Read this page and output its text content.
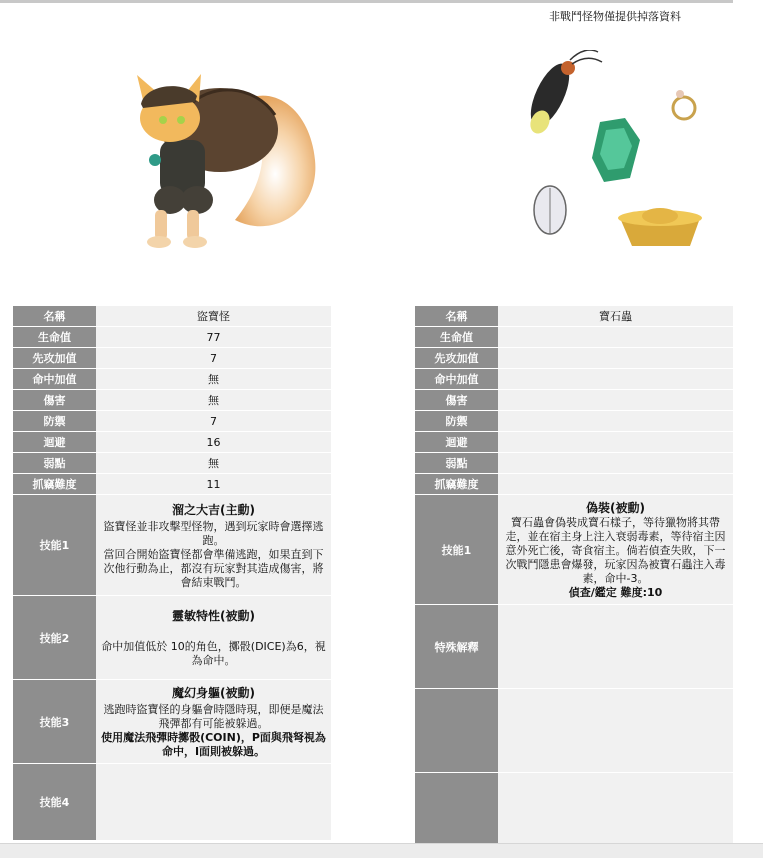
非戰鬥怪物僅提供掉落資料
名稱	盜寶怪
生命值	77
先攻加值	7
命中加值	無
傷害	無
防禦	7
迴避	16
弱點	無
抓竊難度	11
技能1	溜之大吉(主動)
盜寶怪並非攻擊型怪物，遇到玩家時會選擇逃跑。
當回合開始盜寶怪都會準備逃跑，如果直到下次他行動為止，都沒有玩家對其造成傷害，將會結束戰鬥。

技能2	靈敏特性(被動)
命中加值低於 10的角色，擲骰(DICE)為6，視為命中。

技能3	魔幻身軀(被動)
逃跑時盜寶怪的身軀會時隱時現，即便是魔法飛彈都有可能被躲過。
使用魔法飛彈時擲骰(COIN)，P面與飛弩視為命中，I面則被躲過。

技能4	
名稱	寶石蟲
生命值	
先攻加值	
命中加值	
傷害	
防禦	
迴避	
弱點	
抓竊難度	
技能1	偽裝(被動)
寶石蟲會偽裝成寶石樣子，等待獵物將其帶走，並在宿主身上注入衰弱毒素，等待宿主因意外死亡後，寄食宿主。倘若偵查失敗，下一次戰鬥隱患會爆發，玩家因為被寶石蟲注入毒素，命中-3。
偵查/鑑定 難度:10

特殊解釋	
